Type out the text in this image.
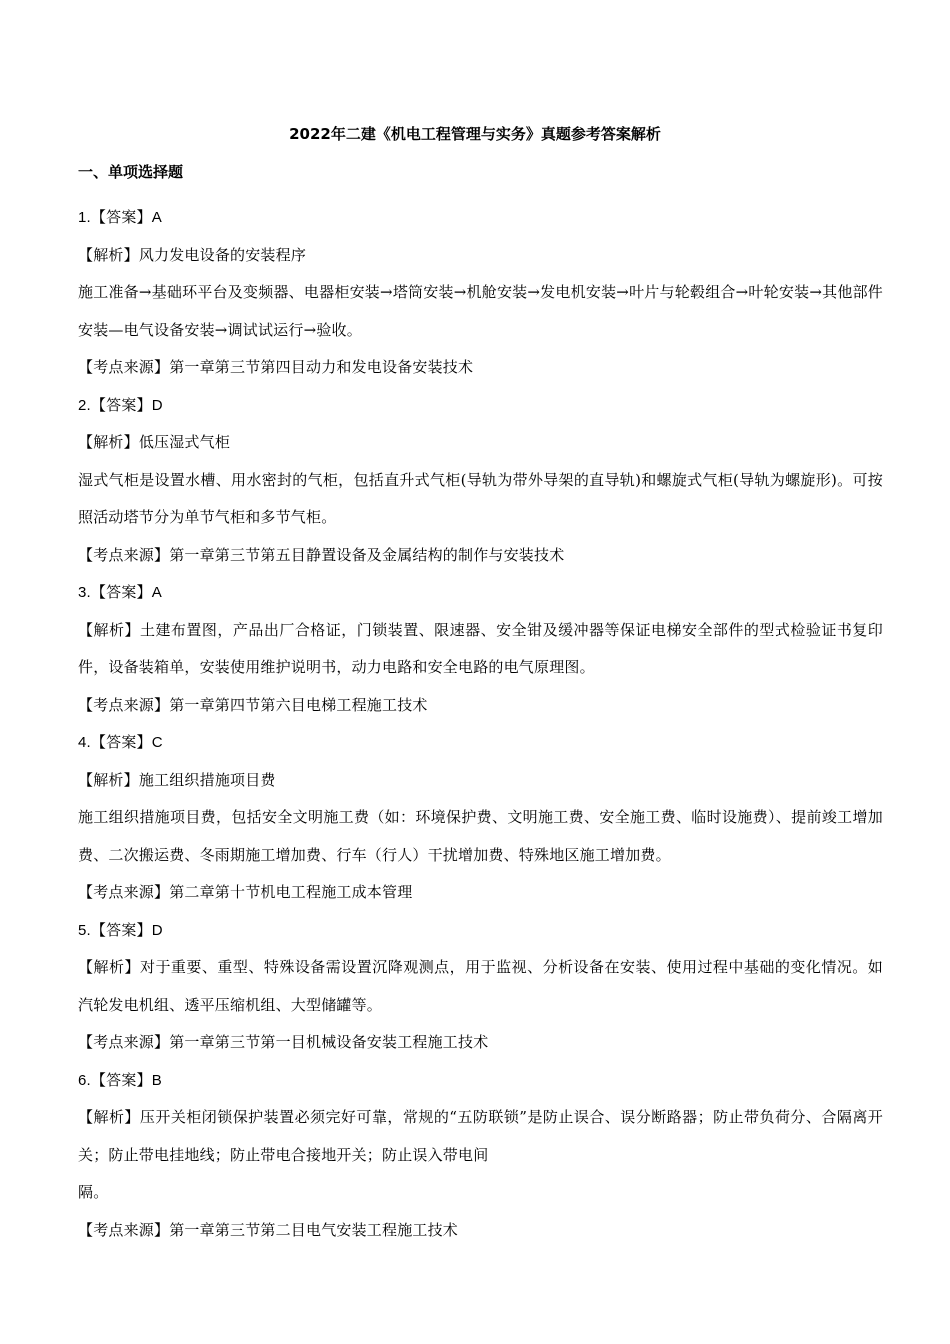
2022年二建《机电工程管理与实务》真题参考答案解析
一、单项选择题
1.【答案】A
【解析】风力发电设备的安装程序
施工准备→基础环平台及变频器、电器柜安装→塔筒安装→机舱安装→发电机安装→叶片与轮毂组合→叶轮安装→其他部件安装—电气设备安装→调试试运行→验收。
【考点来源】第一章第三节第四目动力和发电设备安装技术
2.【答案】D
【解析】低压湿式气柜
湿式气柜是设置水槽、用水密封的气柜，包括直升式气柜(导轨为带外导架的直导轨)和螺旋式气柜(导轨为螺旋形)。可按照活动塔节分为单节气柜和多节气柜。
【考点来源】第一章第三节第五目静置设备及金属结构的制作与安装技术
3.【答案】A
【解析】土建布置图，产品出厂合格证，门锁装置、限速器、安全钳及缓冲器等保证电梯安全部件的型式检验证书复印件，设备装箱单，安装使用维护说明书，动力电路和安全电路的电气原理图。
【考点来源】第一章第四节第六目电梯工程施工技术
4.【答案】C
【解析】施工组织措施项目费
施工组织措施项目费，包括安全文明施工费（如：环境保护费、文明施工费、安全施工费、临时设施费）、提前竣工增加费、二次搬运费、冬雨期施工增加费、行车（行人）干扰增加费、特殊地区施工增加费。
【考点来源】第二章第十节机电工程施工成本管理
5.【答案】D
【解析】对于重要、重型、特殊设备需设置沉降观测点，用于监视、分析设备在安装、使用过程中基础的变化情况。如汽轮发电机组、透平压缩机组、大型储罐等。
【考点来源】第一章第三节第一目机械设备安装工程施工技术
6.【答案】B
【解析】压开关柜闭锁保护装置必须完好可靠，常规的“五防联锁”是防止误合、误分断路器；防止带负荷分、合隔离开关；防止带电挂地线；防止带电合接地开关；防止误入带电间
隔。
【考点来源】第一章第三节第二目电气安装工程施工技术
